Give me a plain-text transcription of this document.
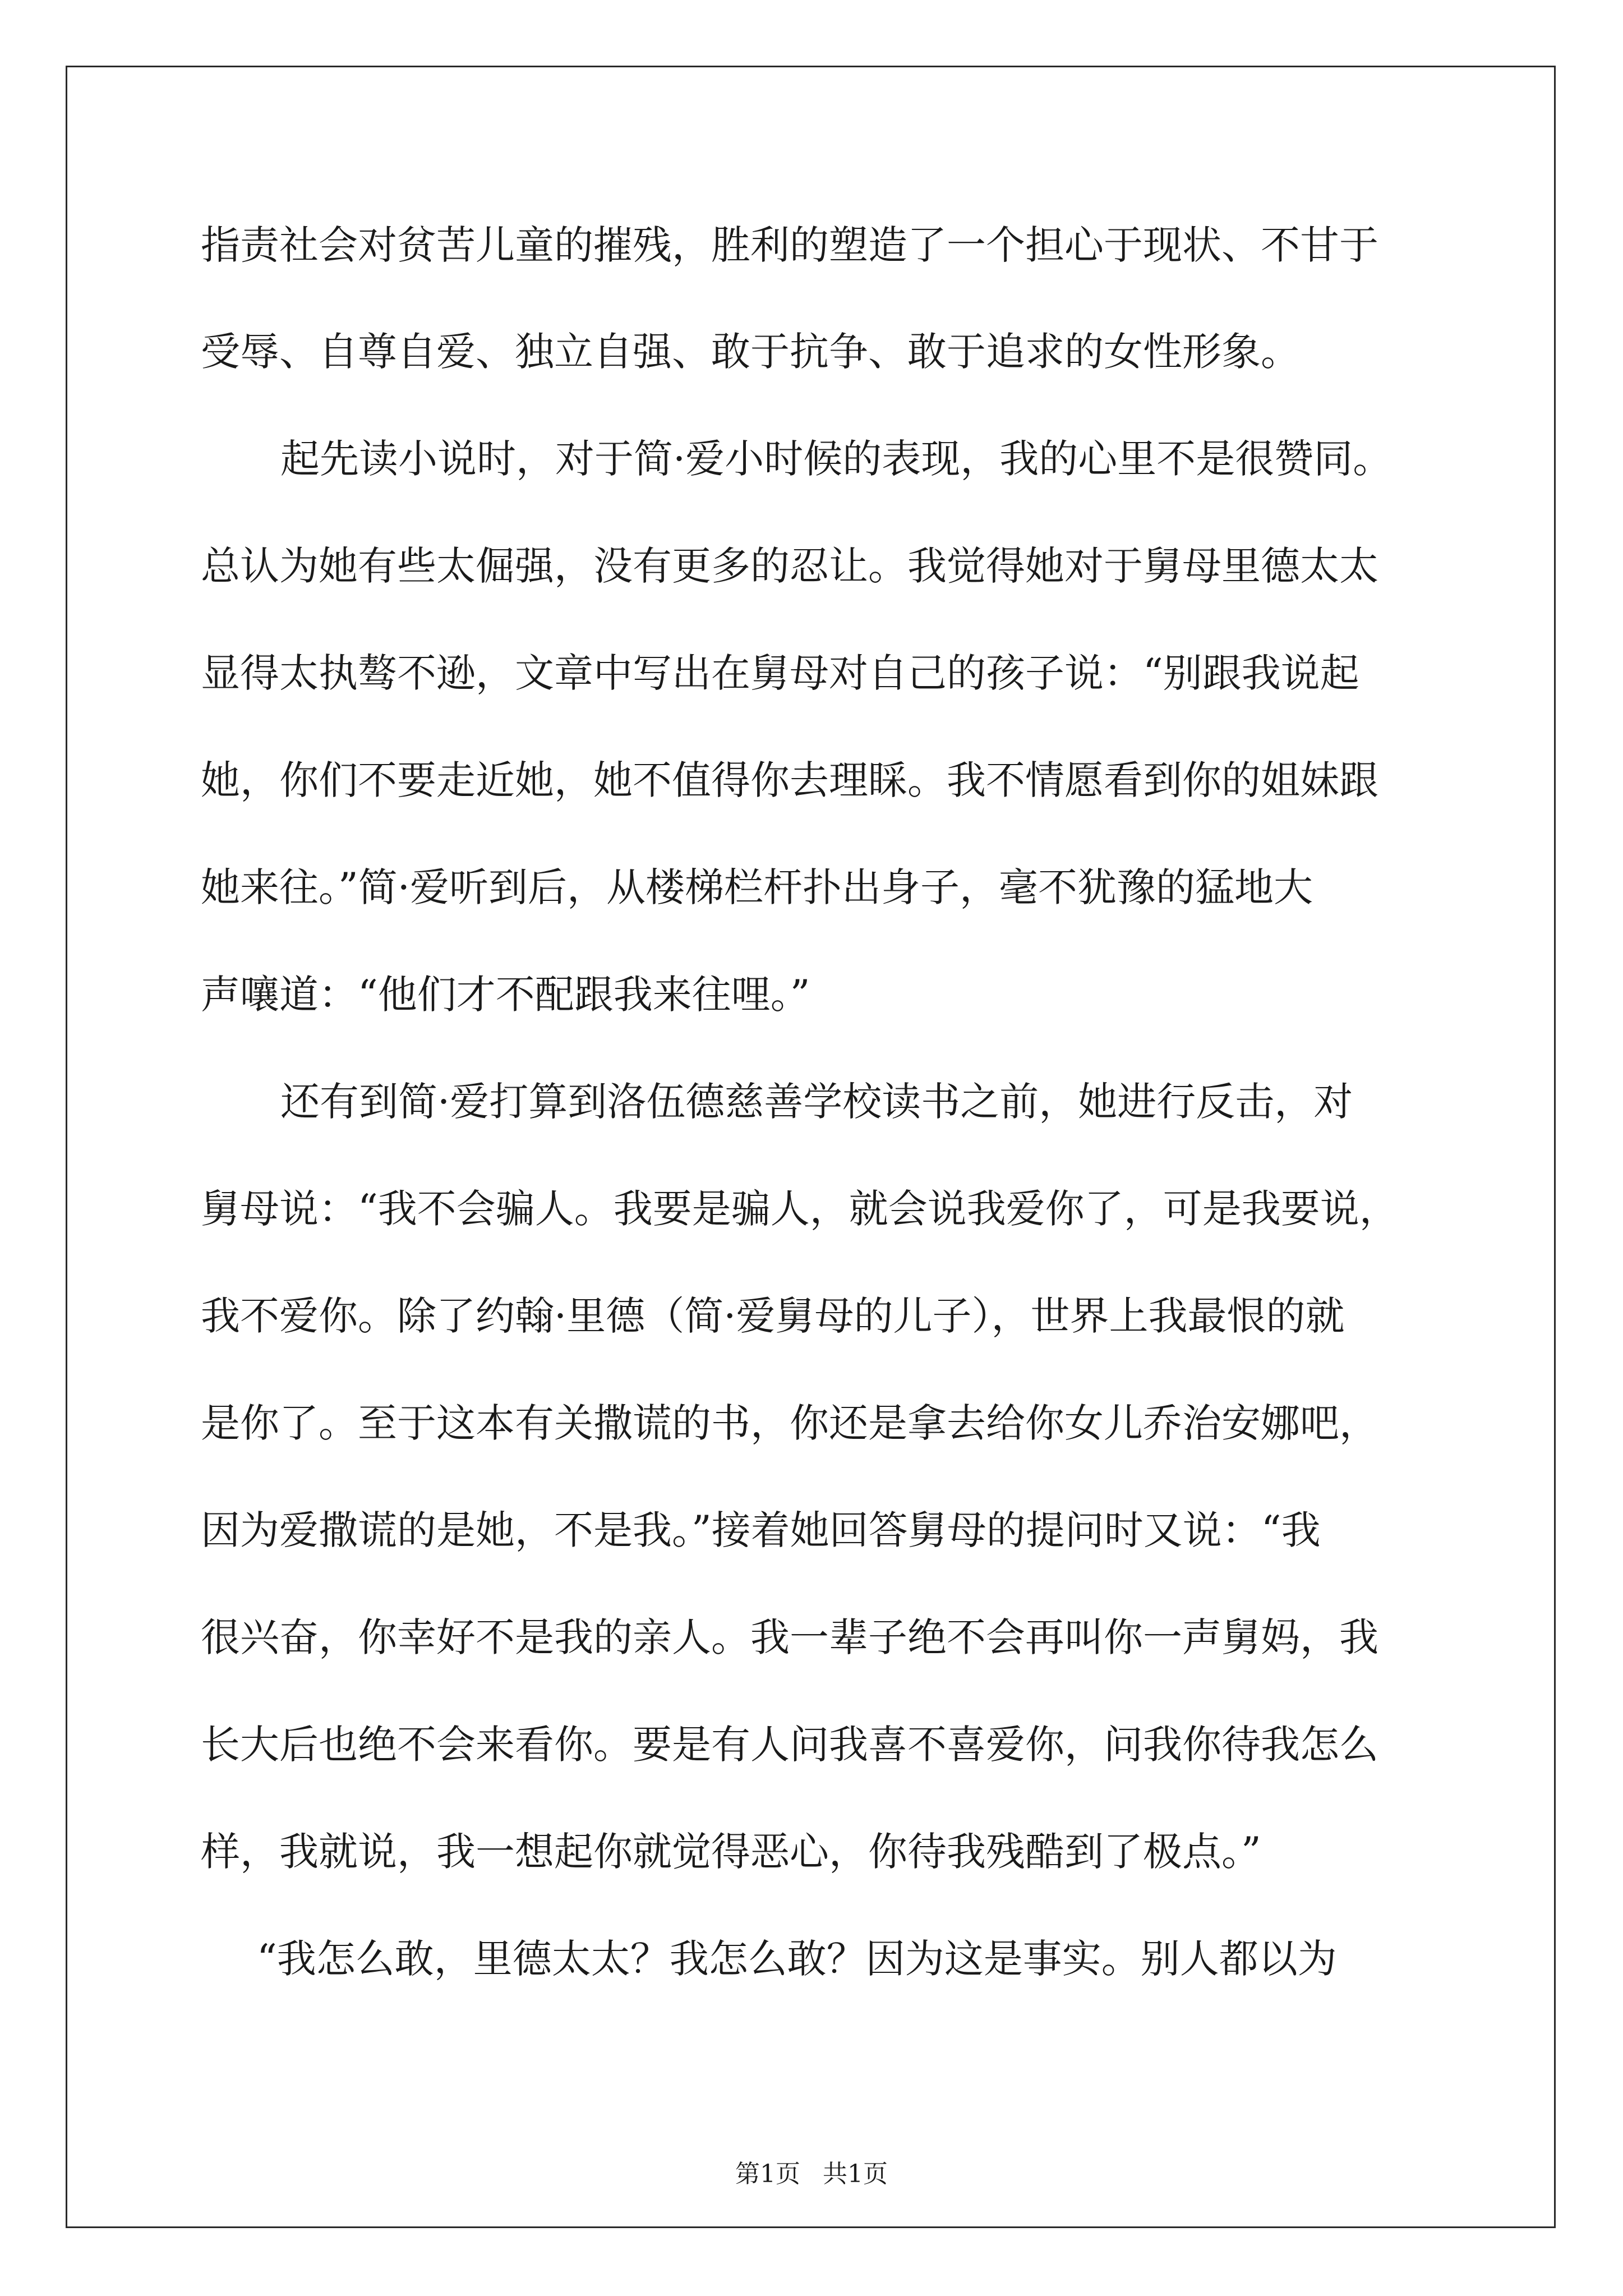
指责社会对贫苦儿童的摧残，胜利的塑造了一个担心于现状、不甘于
受辱、自尊自爱、独立自强、敢于抗争、敢于追求的女性形象。
起先读小说时，对于简·爱小时候的表现，我的心里不是很赞同。
总认为她有些太倔强，没有更多的忍让。我觉得她对于舅母里德太太
显得太执骜不逊，文章中写出在舅母对自己的孩子说：“别跟我说起
她，你们不要走近她，她不值得你去理睬。我不情愿看到你的姐妹跟
她来往。”简·爱听到后，从楼梯栏杆扑出身子，毫不犹豫的猛地大
声嚷道：“他们才不配跟我来往哩。”
还有到简·爱打算到洛伍德慈善学校读书之前，她进行反击，对
舅母说：“我不会骗人。我要是骗人，就会说我爱你了，可是我要说，
我不爱你。除了约翰·里德（简·爱舅母的儿子），世界上我最恨的就
是你了。至于这本有关撒谎的书，你还是拿去给你女儿乔治安娜吧，
因为爱撒谎的是她，不是我。”接着她回答舅母的提问时又说：“我
很兴奋，你幸好不是我的亲人。我一辈子绝不会再叫你一声舅妈，我
长大后也绝不会来看你。要是有人问我喜不喜爱你，问我你待我怎么
样，我就说，我一想起你就觉得恶心，你待我残酷到了极点。”
“我怎么敢，里德太太？我怎么敢？因为这是事实。别人都以为
第1页 共1页
